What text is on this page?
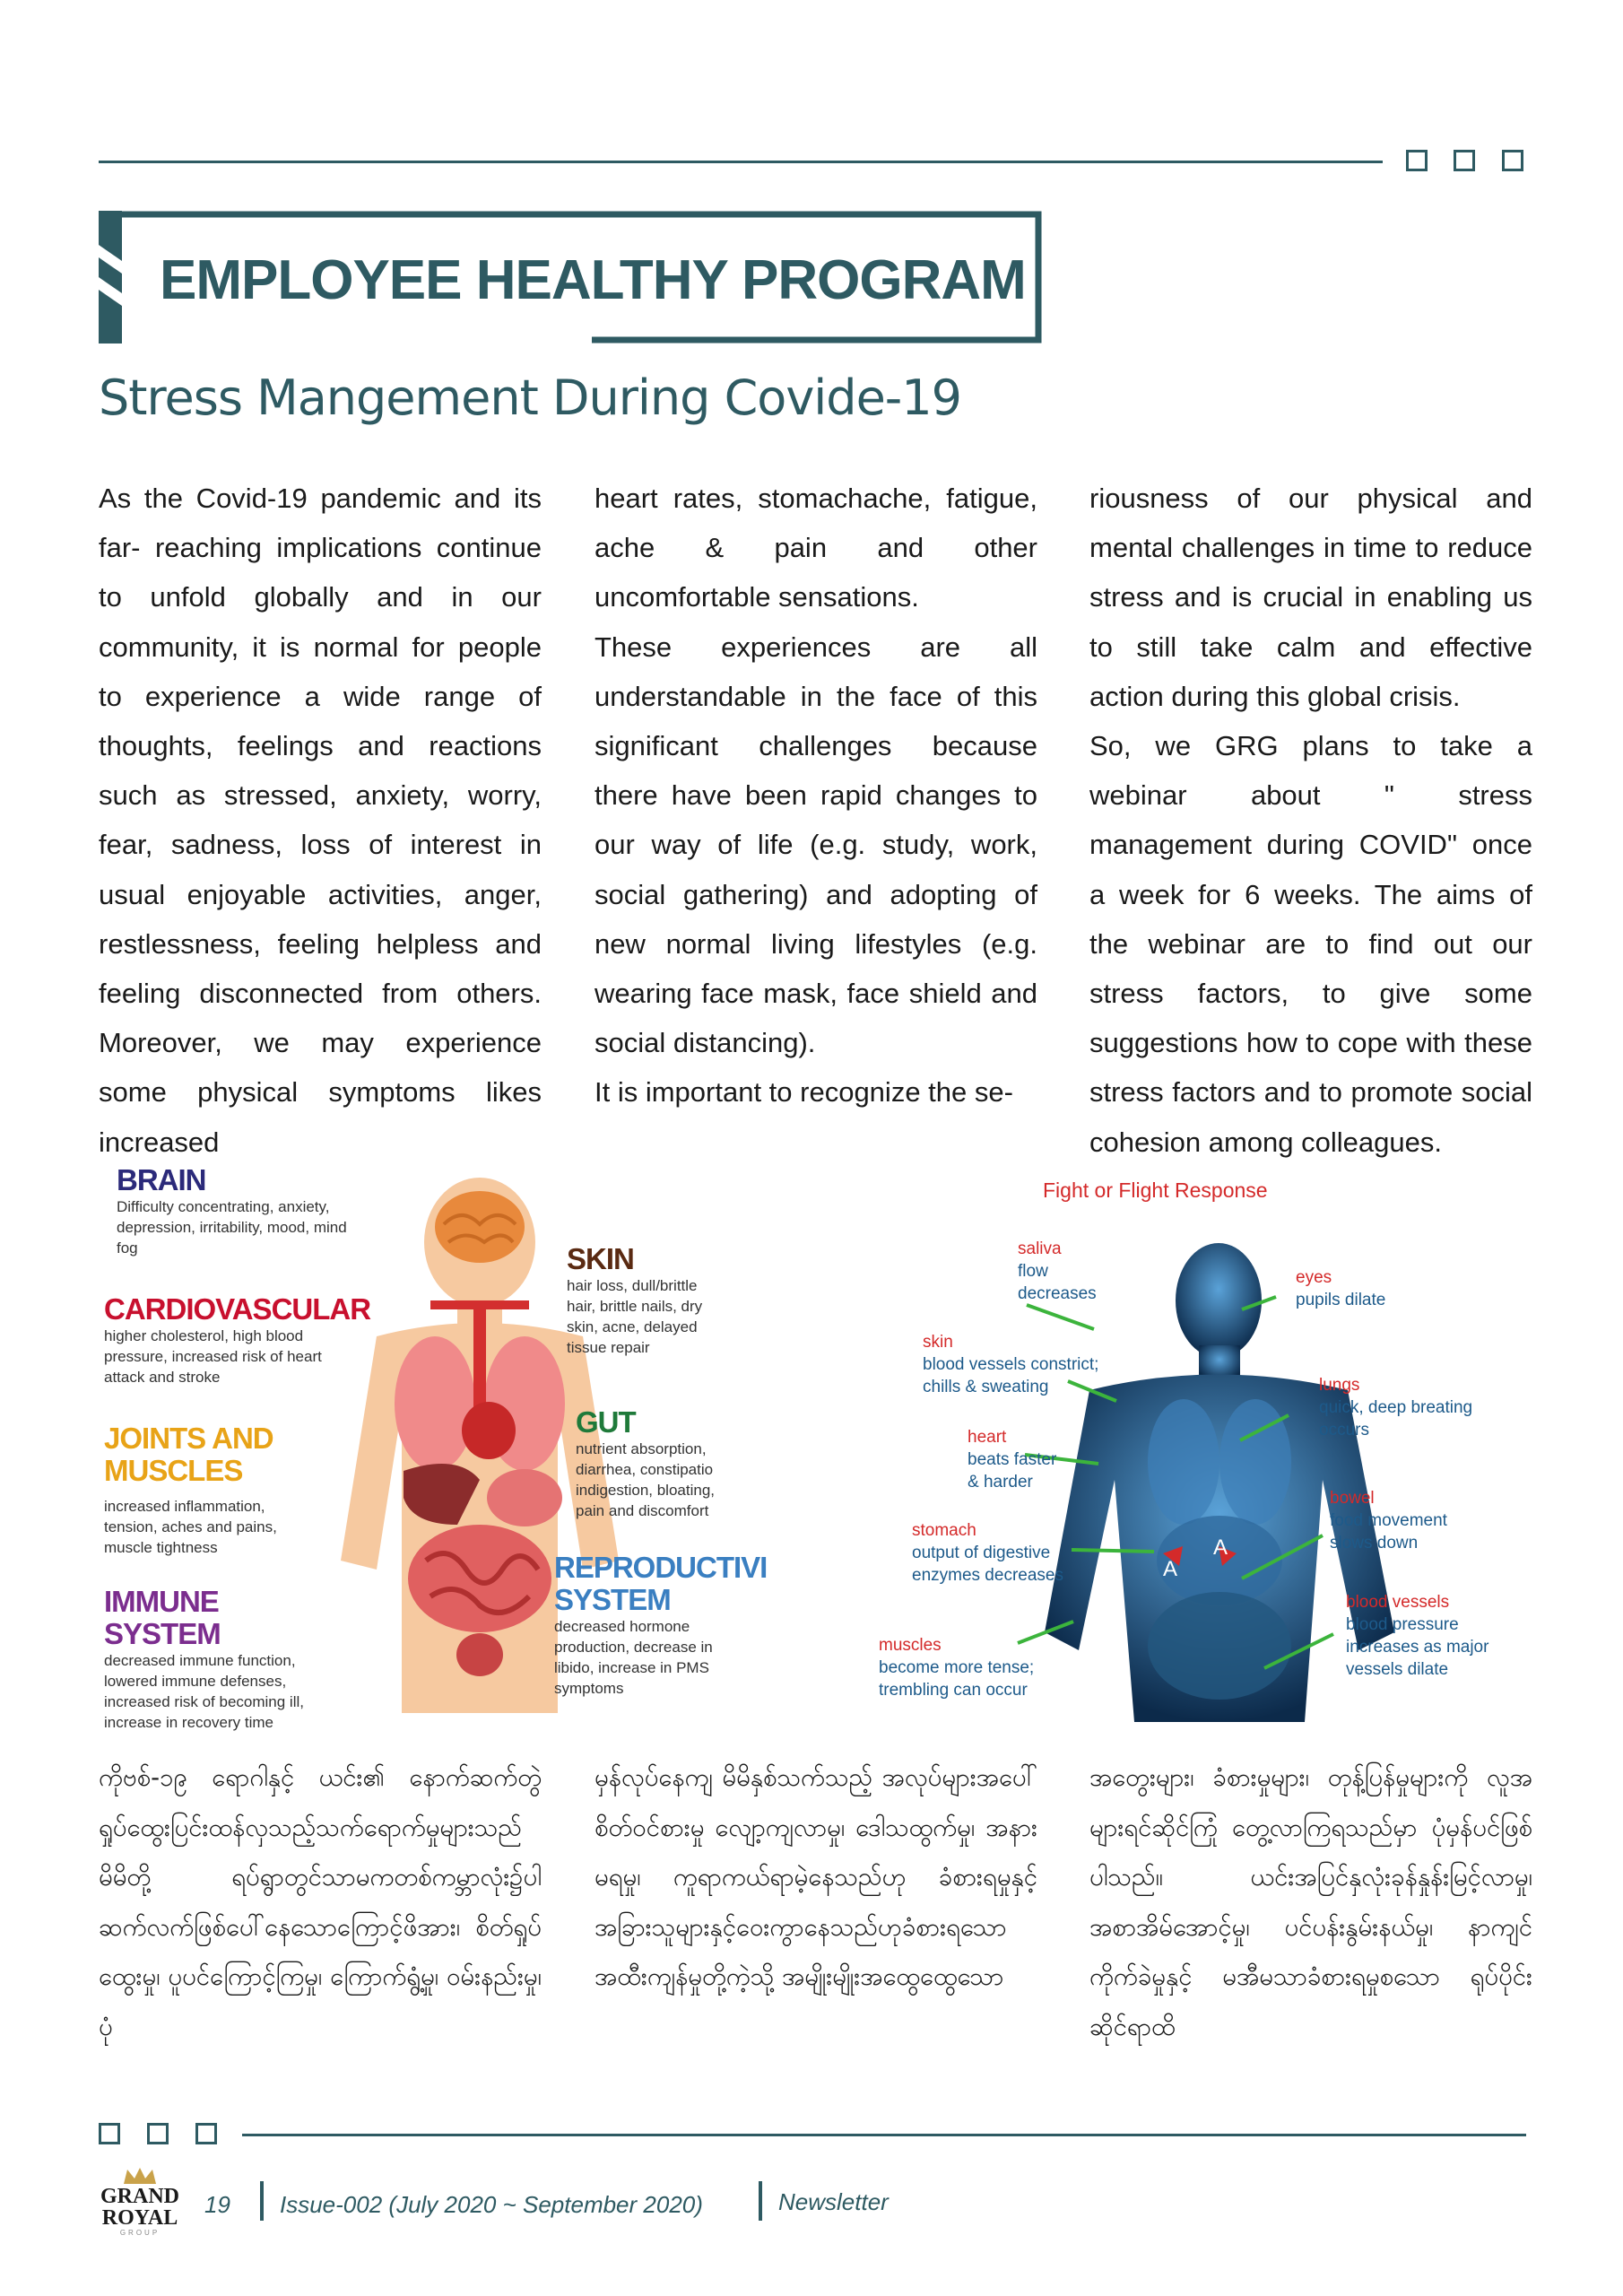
EMPLOYEE HEALTHY PROGRAM
Stress Mangement During Covide-19

As the Covid-19 pandemic and its far- reaching implications continue to unfold globally and in our community, it is normal for people to experience a wide range of thoughts, feelings and reactions such as stressed, anxiety, worry, fear, sadness, loss of interest in usual enjoyable activities, anger, restlessness, feeling helpless and feeling disconnected from others. Moreover, we may experience some physical symptoms likes increased

heart rates, stomachache, fatigue, ache & pain and other uncomfortable sensations.

These experiences are all understandable in the face of this significant challenges because there have been rapid changes to our way of life (e.g. study, work, social gathering) and adopting of new normal living lifestyles (e.g. wearing face mask, face shield and social distancing).

It is important to recognize the se-

riousness of our physical and mental challenges in time to reduce stress and is crucial in enabling us to still take calm and effective action during this global crisis.

So, we GRG plans to take a webinar about " stress management during COVID" once a week for 6 weeks. The aims of the webinar are to find out our stress factors, to give some suggestions how to cope with these stress factors and to promote social cohesion among colleagues.

BRAIN
Difficulty concentrating, anxiety, depression, irritability, mood, mind fog
CARDIOVASCULAR
higher cholesterol, high blood pressure, increased risk of heart attack and stroke
JOINTS AND MUSCLES
increased inflammation, tension, aches and pains, muscle tightness
IMMUNE SYSTEM
decreased immune function, lowered immune defenses, increased risk of becoming ill, increase in recovery time
SKIN
hair loss, dull/brittle hair, brittle nails, dry skin, acne, delayed tissue repair
GUT
nutrient absorption, diarrhea, constipatio indigestion, bloating, pain and discomfort
REPRODUCTIVI SYSTEM
decreased hormone production, decrease in libido, increase in PMS symptoms
Fight or Flight Response
A
A
saliva
flow decreases
eyes
pupils dilate
skin
blood vessels constrict; chills & sweating	lungs
quick, deep breating occurs
heart
beats faster & harder
bowel
food movement slows down
stomach
output of digestive enzymes decreases
blood vessels
blood pressure increases as major vessels dilate
muscles
become more tense; trembling can occur
ကိုဗစ်-၁၉ ရောဂါနှင့် ယင်း၏ နောက်ဆက်တွဲ ရှုပ်ထွေးပြင်းထန်လှသည့်သက်ရောက်မှုများသည် မိမိတို့ ရပ်ရွာတွင်သာမကတစ်ကမ္ဘာလုံး၌ပါ ဆက်လက်ဖြစ်ပေါ်နေသောကြောင့်ဖိအား၊ စိတ်ရှုပ်ထွေးမှု၊ ပူပင်ကြောင့်ကြမှု၊ ကြောက်ရွံ့မှု၊ ဝမ်းနည်းမှု၊ ပုံ
မှန်လုပ်နေကျ မိမိနှစ်သက်သည့် အလုပ်များအပေါ်စိတ်ဝင်စားမှု လျော့ကျလာမှု၊ ဒေါသထွက်မှု၊ အနားမရမှု၊ ကူရာကယ်ရာမဲ့နေသည်ဟု ခံစားရမှုနှင့် အခြားသူများနှင့်ဝေးကွာနေသည်ဟုခံစားရသောအထီးကျန်မှုတို့ကဲ့သို့ အမျိုးမျိုးအထွေထွေသော
အတွေးများ၊ ခံစားမှုများ၊ တုန့်ပြန်မှုများကို လူအများရင်ဆိုင်ကြုံ တွေ့လာကြရသည်မှာ ပုံမှန်ပင်ဖြစ်ပါသည်။ ယင်းအပြင်နှလုံးခုန်နှုန်းမြင့်လာမှု၊အစာအိမ်အောင့်မှု၊ ပင်ပန်းနွမ်းနယ်မှု၊ နာကျင်ကိုက်ခဲမှုနှင့် မအီမသာခံစားရမှုစသော ရုပ်ပိုင်းဆိုင်ရာထိ
GRAND
ROYAL
GROUP
19 Issue-002 (July 2020 ~ September 2020)	Newsletter
